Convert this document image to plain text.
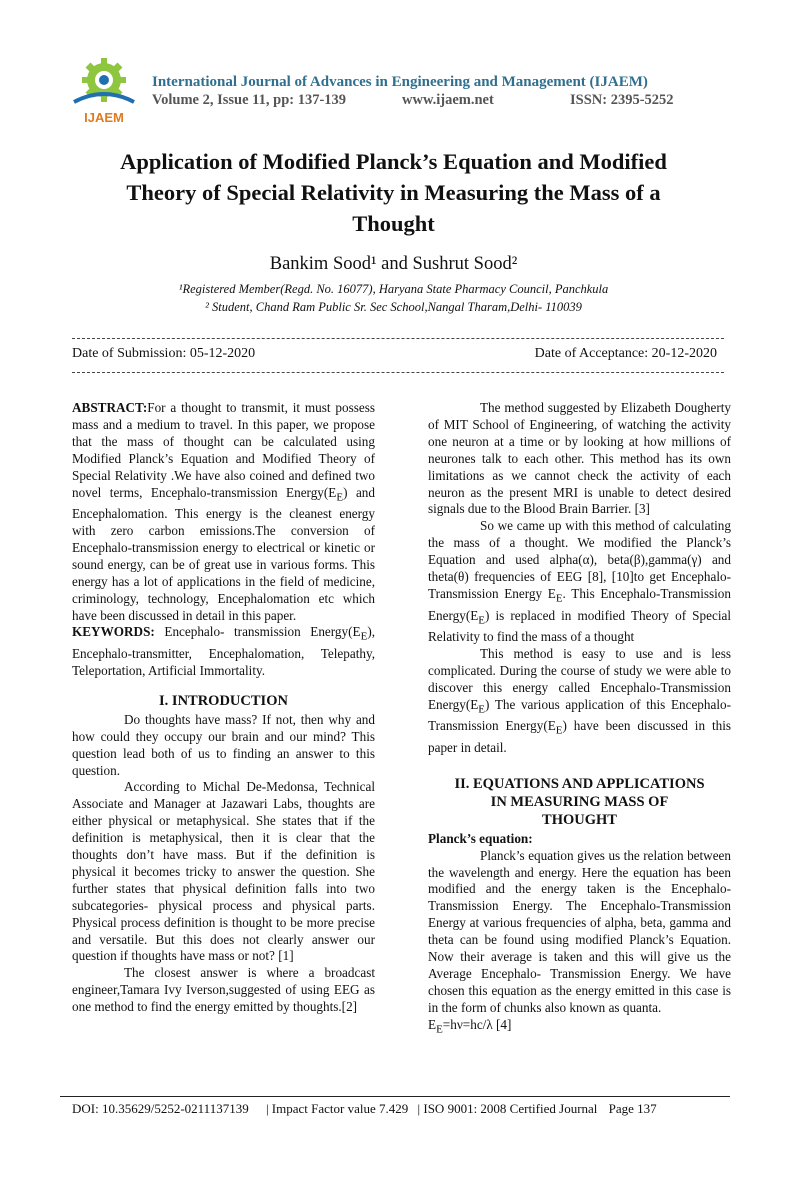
IJAEM
International Journal of Advances in Engineering and Management (IJAEM)
Volume 2, Issue 11, pp: 137-139	www.ijaem.net	ISSN: 2395-5252
Application of Modified Planck’s Equation and Modified
Theory of Special Relativity in Measuring the Mass of a
Thought
Bankim Sood¹ and Sushrut Sood²
¹Registered Member(Regd. No. 16077), Haryana State Pharmacy Council, Panchkula
² Student, Chand Ram Public Sr. Sec School,Nangal Tharam,Delhi- 110039
Date of Submission: 05-12-2020	Date of Acceptance: 20-12-2020

ABSTRACT:For a thought to transmit, it must possess mass and a medium to travel. In this paper, we propose that the mass of thought can be calculated using Modified Planck’s Equation and Modified Theory of Special Relativity .We have also coined and defined two novel terms, Encephalo-transmission $Energy(E_E)$ and Encephalomation. This energy is the cleanest energy with zero carbon emissions.The conversion of Encephalo-transmission energy to electrical or kinetic or sound energy, can be of great use in various forms. This energy has a lot of applications in the field of medicine, criminology, technology, Encephalomation etc which have been discussed in detail in this paper.

KEYWORDS: Encephalo- transmission $Energy(E_E)$, Encephalo-transmitter, Encephalomation, Telepathy, Teleportation, Artificial Immortality.

I. INTRODUCTION

Do thoughts have mass? If not, then why and how could they occupy our brain and our mind? This question lead both of us to finding an answer to this question.

According to Michal De-Medonsa, Technical Associate and Manager at Jazawari Labs, thoughts are either physical or metaphysical. She states that if the definition is metaphysical, then it is clear that the thoughts don’t have mass. But if the definition is physical it becomes tricky to answer the question. She further states that physical definition falls into two subcategories- physical process and physical parts. Physical process definition is thought to be more precise and versatile. But this does not clearly answer our question if thoughts have mass or not? [1]

The closest answer is where a broadcast engineer,Tamara Ivy Iverson,suggested of using EEG as one method to find the energy emitted by thoughts.[2]

The method suggested by Elizabeth Dougherty of MIT School of Engineering, of watching the activity one neuron at a time or by looking at how millions of neurones talk to each other. This method has its own limitations as we cannot check the activity of each neuron as the present MRI is unable to detect desired signals due to the Blood Brain Barrier. [3]

So we came up with this method of calculating the mass of a thought. We modified the Planck’s Equation and used alpha(α), beta(β),gamma(γ) and theta(θ) frequencies of EEG [8], [10]to get Encephalo-Transmission Energy $E_E$. This Encephalo-Transmission $Energy(E_E)$ is replaced in modified Theory of Special Relativity to find the mass of a thought

This method is easy to use and is less complicated. During the course of study we were able to discover this energy called Encephalo-Transmission $Energy(E_E)$ The various application of this Encephalo-Transmission $Energy(E_E)$ have been discussed in this paper in detail.

II. EQUATIONS AND APPLICATIONS
IN MEASURING MASS OF
THOUGHT
Planck’s equation:

Planck’s equation gives us the relation between the wavelength and energy. Here the equation has been modified and the energy taken is the Encephalo-Transmission Energy. The Encephalo-Transmission Energy at various frequencies of alpha, beta, gamma and theta can be found using modified Planck’s Equation. Now their average is taken and this will give us the Average Encephalo- Transmission Energy. We have chosen this equation as the energy emitted in this case is in the form of chunks also known as quanta.

$E_E=h\nu=hc/\lambda$ [4]

DOI: 10.35629/5252-0211137139 | Impact Factor value 7.429 | ISO 9001: 2008 Certified Journal Page 137
